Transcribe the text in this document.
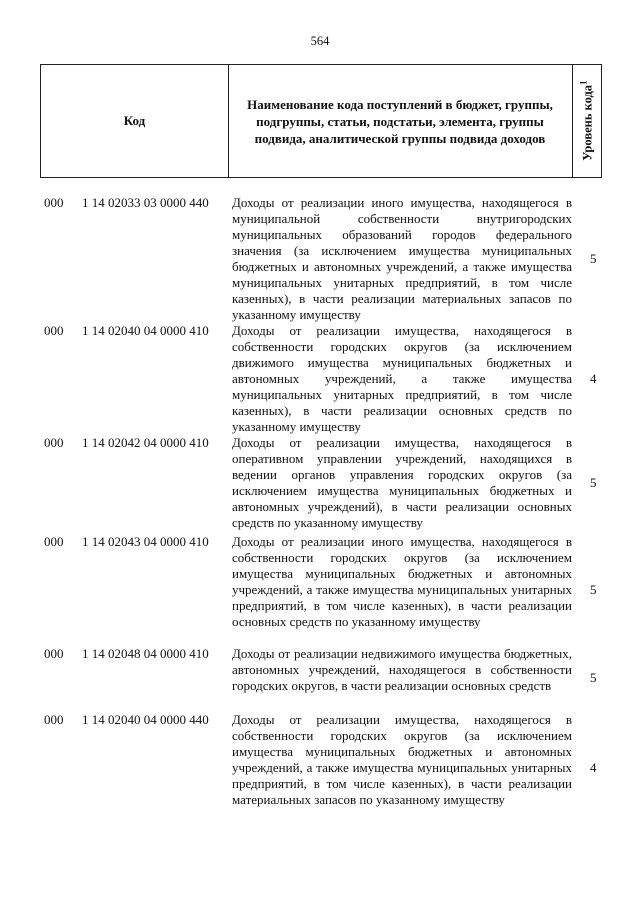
564
Код
Наименование кода поступлений в бюджет, группы, подгруппы, статьи, подстатьи, элемента, группы подвида, аналитической группы подвида доходов	Уровень кода$^1$
000 1 14 02033 03 0000 440 Доходы от реализации иного имущества, находящегося в муниципальной собственности внутригородских муниципальных образований городов федерального значения (за исключением имущества муниципальных бюджетных и автономных учреждений, а также имущества муниципальных унитарных предприятий, в том числе казенных), в части реализации материальных запасов по указанному имуществу
5
000 1 14 02040 04 0000 410 Доходы от реализации имущества, находящегося в собственности городских округов (за исключением движимого имущества муниципальных бюджетных и автономных учреждений, а также имущества муниципальных унитарных предприятий, в том числе казенных), в части реализации основных средств по указанному имуществу
4
000 1 14 02042 04 0000 410 Доходы от реализации имущества, находящегося в оперативном управлении учреждений, находящихся в ведении органов управления городских округов (за исключением имущества муниципальных бюджетных и автономных учреждений), в части реализации основных средств по указанному имуществу
5
000 1 14 02043 04 0000 410 Доходы от реализации иного имущества, находящегося в собственности городских округов (за исключением имущества муниципальных бюджетных и автономных учреждений, а также имущества муниципальных унитарных предприятий, в том числе казенных), в части реализации основных средств по указанному имуществу
5
000 1 14 02048 04 0000 410 Доходы от реализации недвижимого имущества бюджетных, автономных учреждений, находящегося в собственности городских округов, в части реализации основных средств
5
000 1 14 02040 04 0000 440 Доходы от реализации имущества, находящегося в собственности городских округов (за исключением имущества муниципальных бюджетных и автономных учреждений, а также имущества муниципальных унитарных предприятий, в том числе казенных), в части реализации материальных запасов по указанному имуществу
4
